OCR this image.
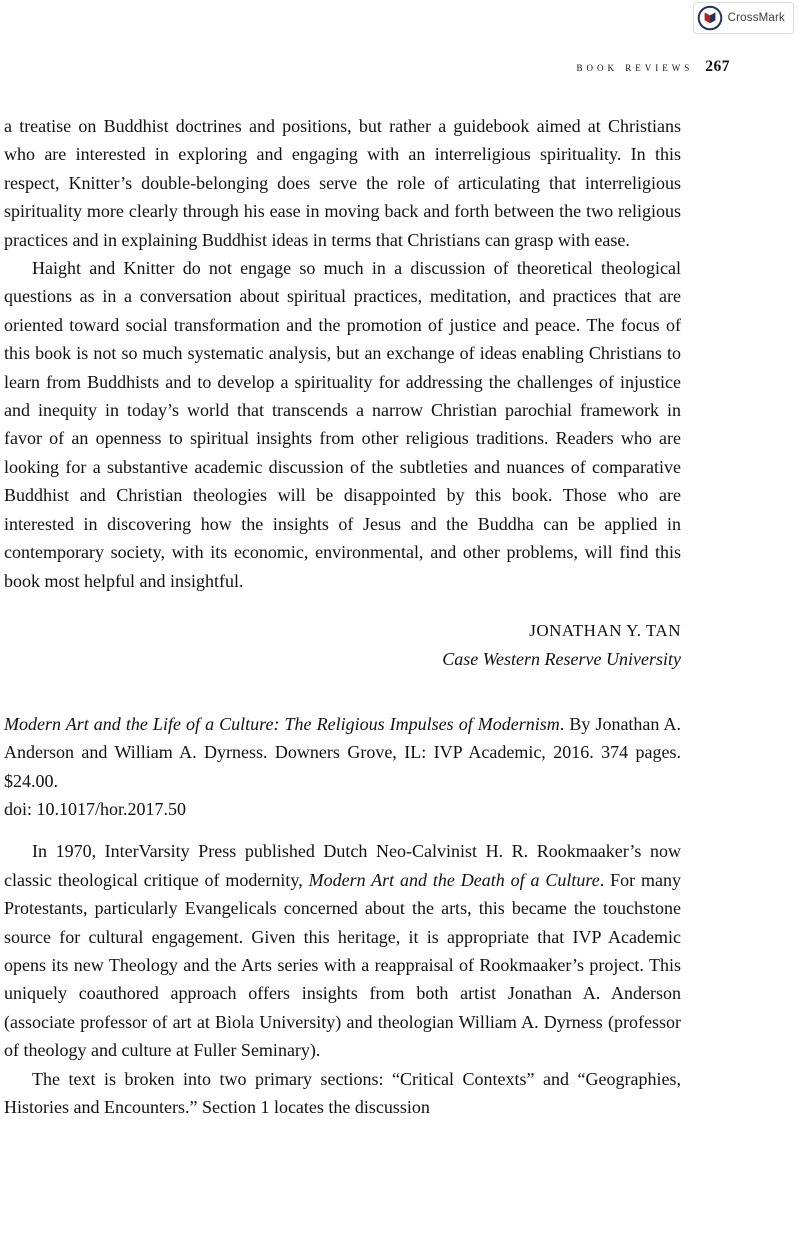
CrossMark
book reviews 267

a treatise on Buddhist doctrines and positions, but rather a guidebook aimed at Christians who are interested in exploring and engaging with an interreligious spirituality. In this respect, Knitter’s double-belonging does serve the role of articulating that interreligious spirituality more clearly through his ease in moving back and forth between the two religious practices and in explaining Buddhist ideas in terms that Christians can grasp with ease.

Haight and Knitter do not engage so much in a discussion of theoretical theological questions as in a conversation about spiritual practices, meditation, and practices that are oriented toward social transformation and the promotion of justice and peace. The focus of this book is not so much systematic analysis, but an exchange of ideas enabling Christians to learn from Buddhists and to develop a spirituality for addressing the challenges of injustice and inequity in today’s world that transcends a narrow Christian parochial framework in favor of an openness to spiritual insights from other religious traditions. Readers who are looking for a substantive academic discussion of the subtleties and nuances of comparative Buddhist and Christian theologies will be disappointed by this book. Those who are interested in discovering how the insights of Jesus and the Buddha can be applied in contemporary society, with its economic, environmental, and other problems, will find this book most helpful and insightful.

JONATHAN Y. TAN
Case Western Reserve University
Modern Art and the Life of a Culture: The Religious Impulses of Modernism. By Jonathan A. Anderson and William A. Dyrness. Downers Grove, IL: IVP Academic, 2016. 374 pages. $24.00.
doi: 10.1017/hor.2017.50

In 1970, InterVarsity Press published Dutch Neo-Calvinist H. R. Rookmaaker’s now classic theological critique of modernity, Modern Art and the Death of a Culture. For many Protestants, particularly Evangelicals concerned about the arts, this became the touchstone source for cultural engagement. Given this heritage, it is appropriate that IVP Academic opens its new Theology and the Arts series with a reappraisal of Rookmaaker’s project. This uniquely coauthored approach offers insights from both artist Jonathan A. Anderson (associate professor of art at Biola University) and theologian William A. Dyrness (professor of theology and culture at Fuller Seminary).

The text is broken into two primary sections: “Critical Contexts” and “Geographies, Histories and Encounters.” Section 1 locates the discussion
